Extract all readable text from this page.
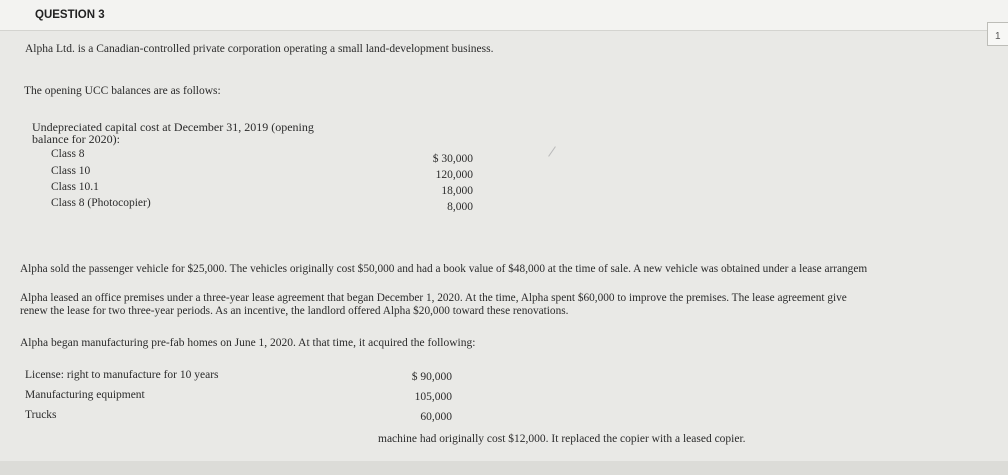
QUESTION 3
1
Alpha Ltd. is a Canadian-controlled private corporation operating a small land-development business.
The opening UCC balances are as follows:
Undepreciated capital cost at December 31, 2019 (opening
balance for 2020):
Class 8
Class 10
Class 10.1
Class 8 (Photocopier)
$ 30,000
120,000
18,000
8,000
Alpha sold the passenger vehicle for $25,000. The vehicles originally cost $50,000 and had a book value of $48,000 at the time of sale. A new vehicle was obtained under a lease arrangem
Alpha leased an office premises under a three-year lease agreement that began December 1, 2020. At the time, Alpha spent $60,000 to improve the premises. The lease agreement give
renew the lease for two three-year periods. As an incentive, the landlord offered Alpha $20,000 toward these renovations.
Alpha began manufacturing pre-fab homes on June 1, 2020. At that time, it acquired the following:
License: right to manufacture for 10 years
Manufacturing equipment
Trucks
$ 90,000
105,000
60,000
machine had originally cost $12,000. It replaced the copier with a leased copier.
